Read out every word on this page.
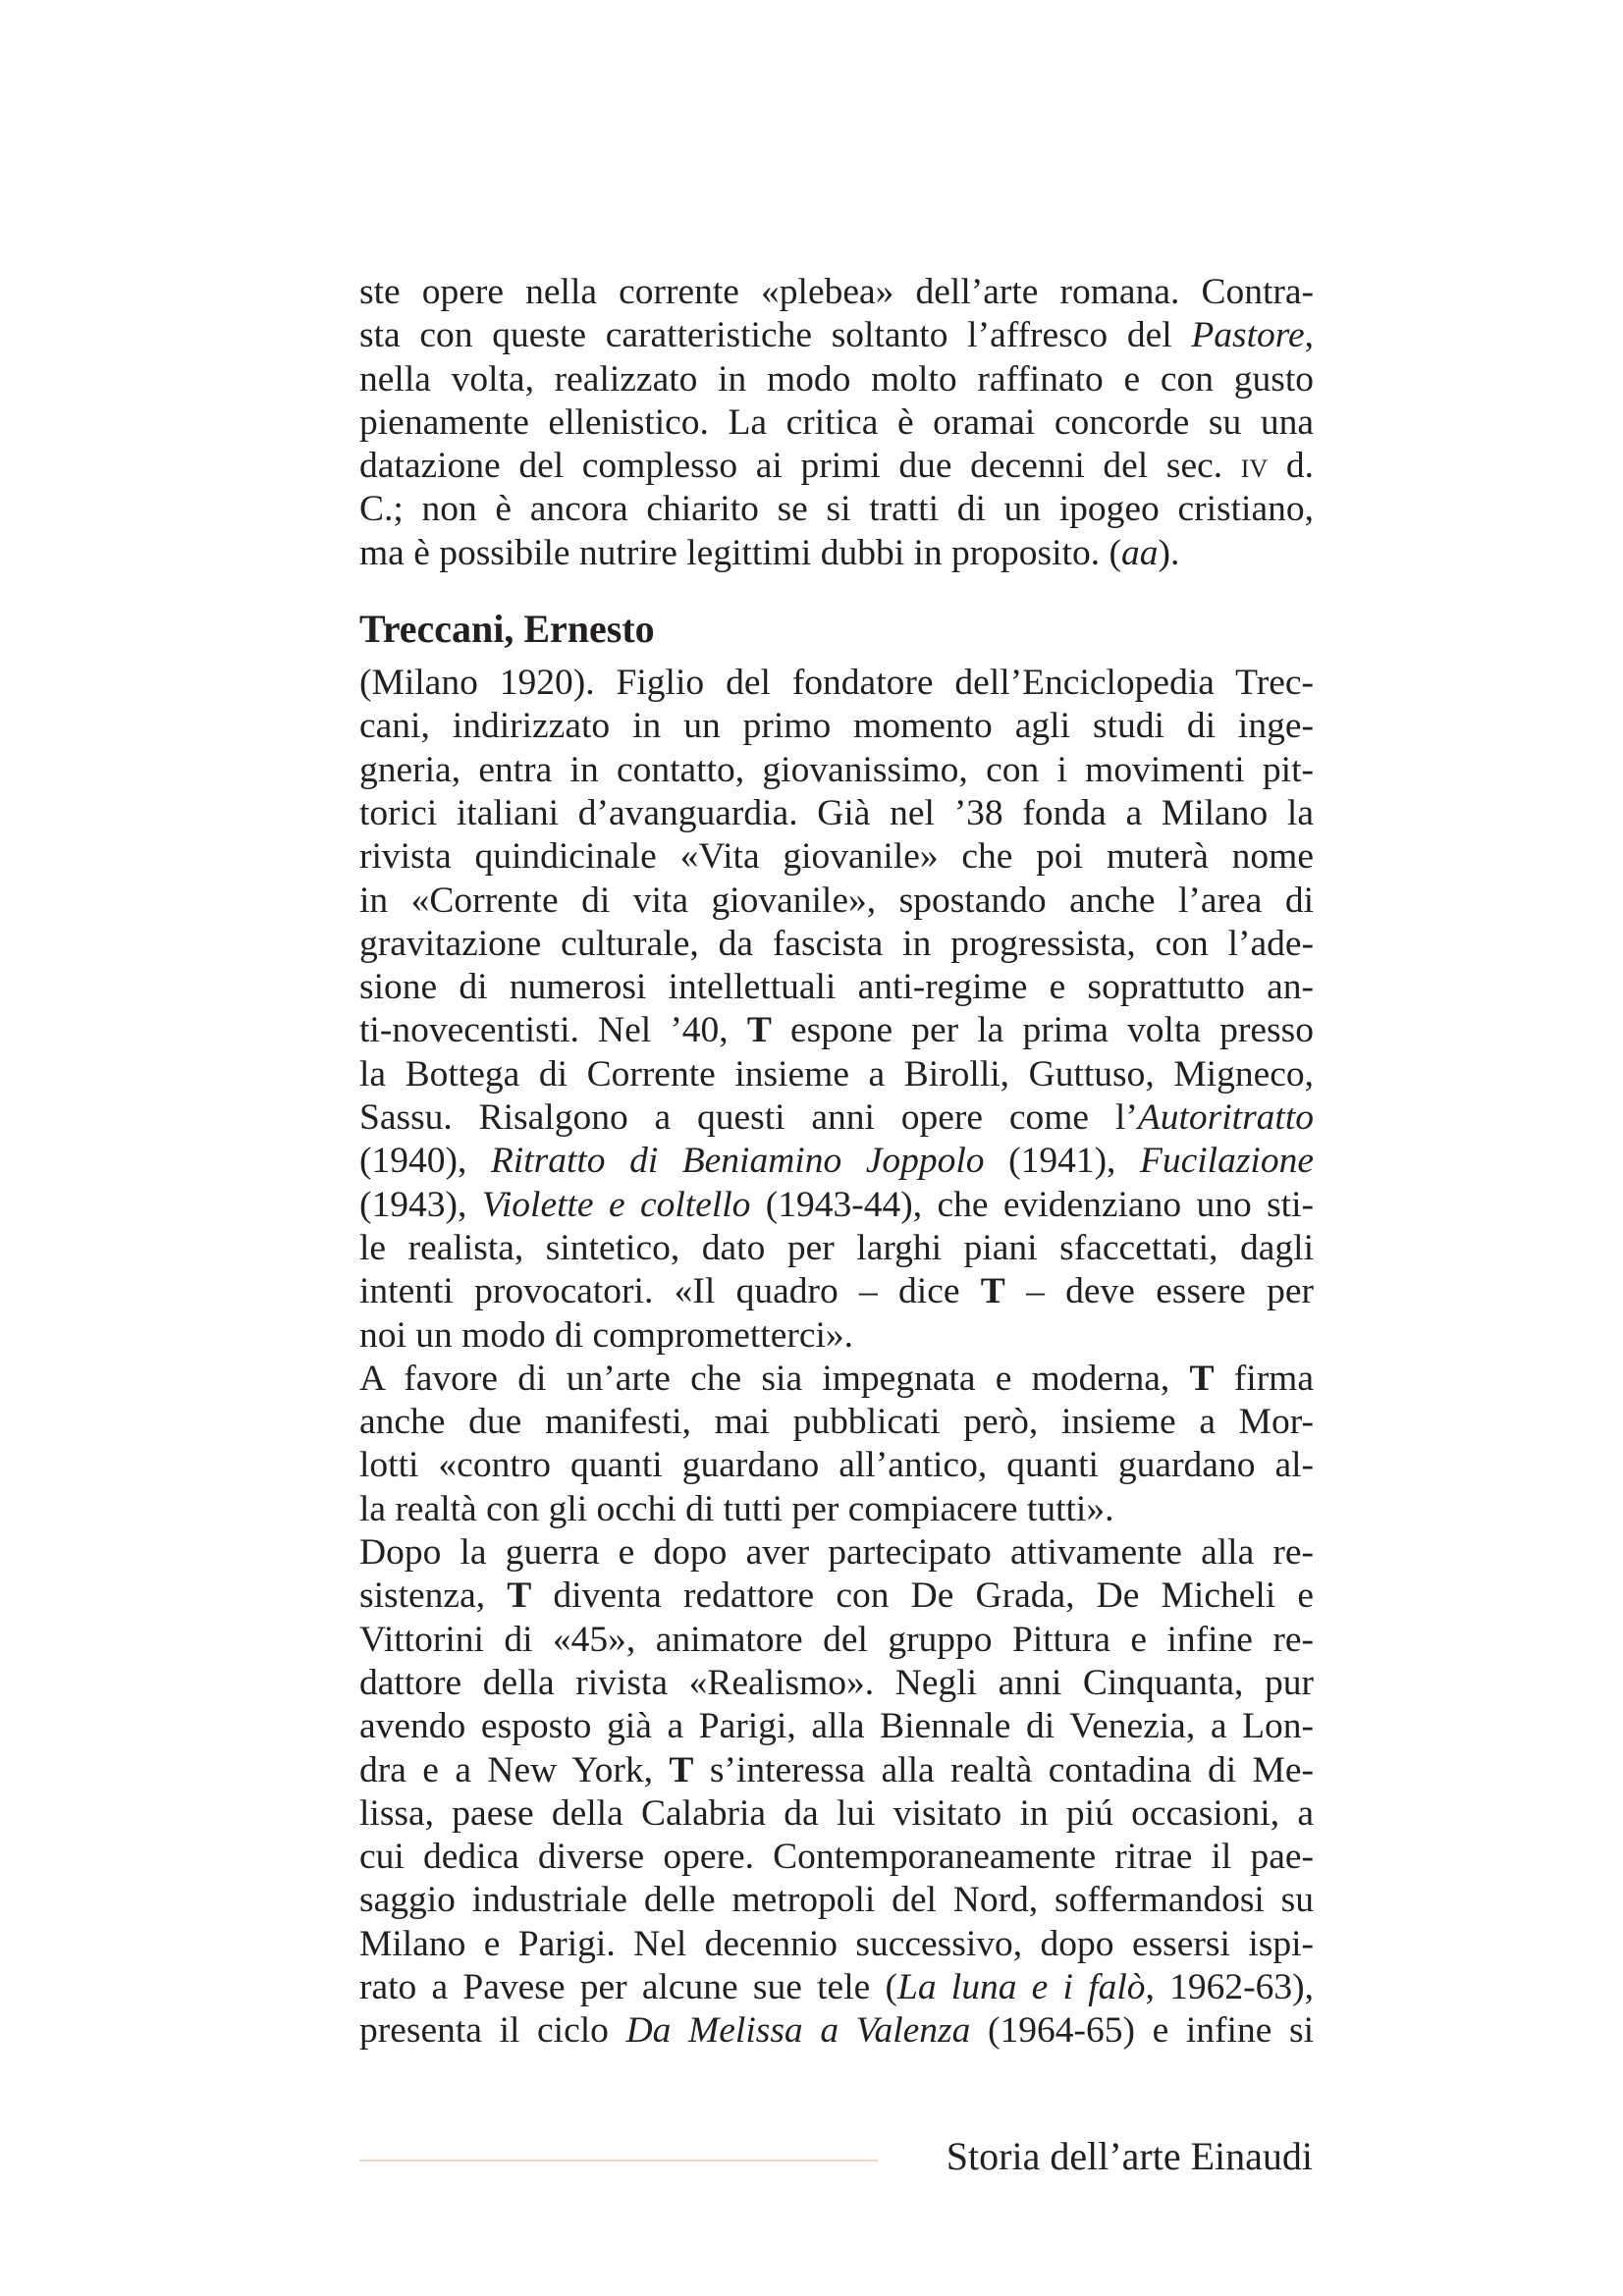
ste opere nella corrente «plebea» dell’arte romana. Contra-
sta con queste caratteristiche soltanto l’affresco del Pastore,
nella volta, realizzato in modo molto raffinato e con gusto
pienamente ellenistico. La critica è oramai concorde su una
datazione del complesso ai primi due decenni del sec. iv d.
C.; non è ancora chiarito se si tratti di un ipogeo cristiano,
ma è possibile nutrire legittimi dubbi in proposito. (aa).
Treccani, Ernesto
(Milano 1920). Figlio del fondatore dell’Enciclopedia Trec-
cani, indirizzato in un primo momento agli studi di inge-
gneria, entra in contatto, giovanissimo, con i movimenti pit-
torici italiani d’avanguardia. Già nel ’38 fonda a Milano la
rivista quindicinale «Vita giovanile» che poi muterà nome
in «Corrente di vita giovanile», spostando anche l’area di
gravitazione culturale, da fascista in progressista, con l’ade-
sione di numerosi intellettuali anti-regime e soprattutto an-
ti-novecentisti. Nel ’40, T espone per la prima volta presso
la Bottega di Corrente insieme a Birolli, Guttuso, Migneco,
Sassu. Risalgono a questi anni opere come l’Autoritratto
(1940), Ritratto di Beniamino Joppolo (1941), Fucilazione
(1943), Violette e coltello (1943-44), che evidenziano uno sti-
le realista, sintetico, dato per larghi piani sfaccettati, dagli
intenti provocatori. «Il quadro – dice T – deve essere per
noi un modo di comprometterci».
A favore di un’arte che sia impegnata e moderna, T firma
anche due manifesti, mai pubblicati però, insieme a Mor-
lotti «contro quanti guardano all’antico, quanti guardano al-
la realtà con gli occhi di tutti per compiacere tutti».
Dopo la guerra e dopo aver partecipato attivamente alla re-
sistenza, T diventa redattore con De Grada, De Micheli e
Vittorini di «45», animatore del gruppo Pittura e infine re-
dattore della rivista «Realismo». Negli anni Cinquanta, pur
avendo esposto già a Parigi, alla Biennale di Venezia, a Lon-
dra e a New York, T s’interessa alla realtà contadina di Me-
lissa, paese della Calabria da lui visitato in piú occasioni, a
cui dedica diverse opere. Contemporaneamente ritrae il pae-
saggio industriale delle metropoli del Nord, soffermandosi su
Milano e Parigi. Nel decennio successivo, dopo essersi ispi-
rato a Pavese per alcune sue tele (La luna e i falò, 1962-63),
presenta il ciclo Da Melissa a Valenza (1964-65) e infine si
Storia dell’arte Einaudi
